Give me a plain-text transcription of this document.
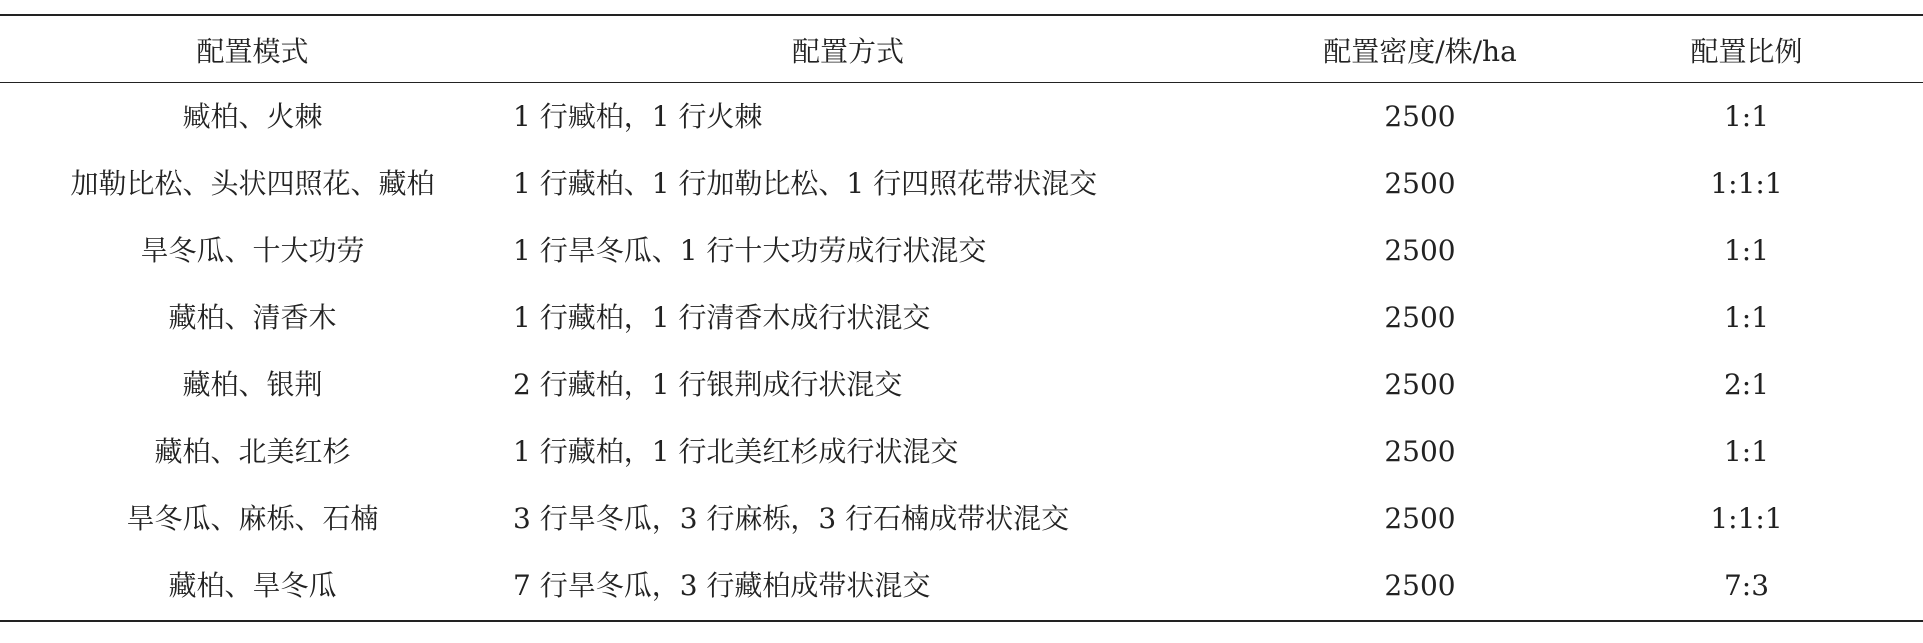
配置模式	配置方式	配置密度/株/ha	配置比例
臧柏、火棘	1 行臧柏，1 行火棘	2500	1:1
加勒比松、头状四照花、藏柏	1 行藏柏、1 行加勒比松、1 行四照花带状混交	2500	1:1:1
旱冬瓜、十大功劳	1 行旱冬瓜、1 行十大功劳成行状混交	2500	1:1
藏柏、清香木	1 行藏柏，1 行清香木成行状混交	2500	1:1
藏柏、银荆	2 行藏柏，1 行银荆成行状混交	2500	2:1
藏柏、北美红杉	1 行藏柏，1 行北美红杉成行状混交	2500	1:1
旱冬瓜、麻栎、石楠	3 行旱冬瓜，3 行麻栎，3 行石楠成带状混交	2500	1:1:1
藏柏、旱冬瓜	7 行旱冬瓜，3 行藏柏成带状混交	2500	7:3
